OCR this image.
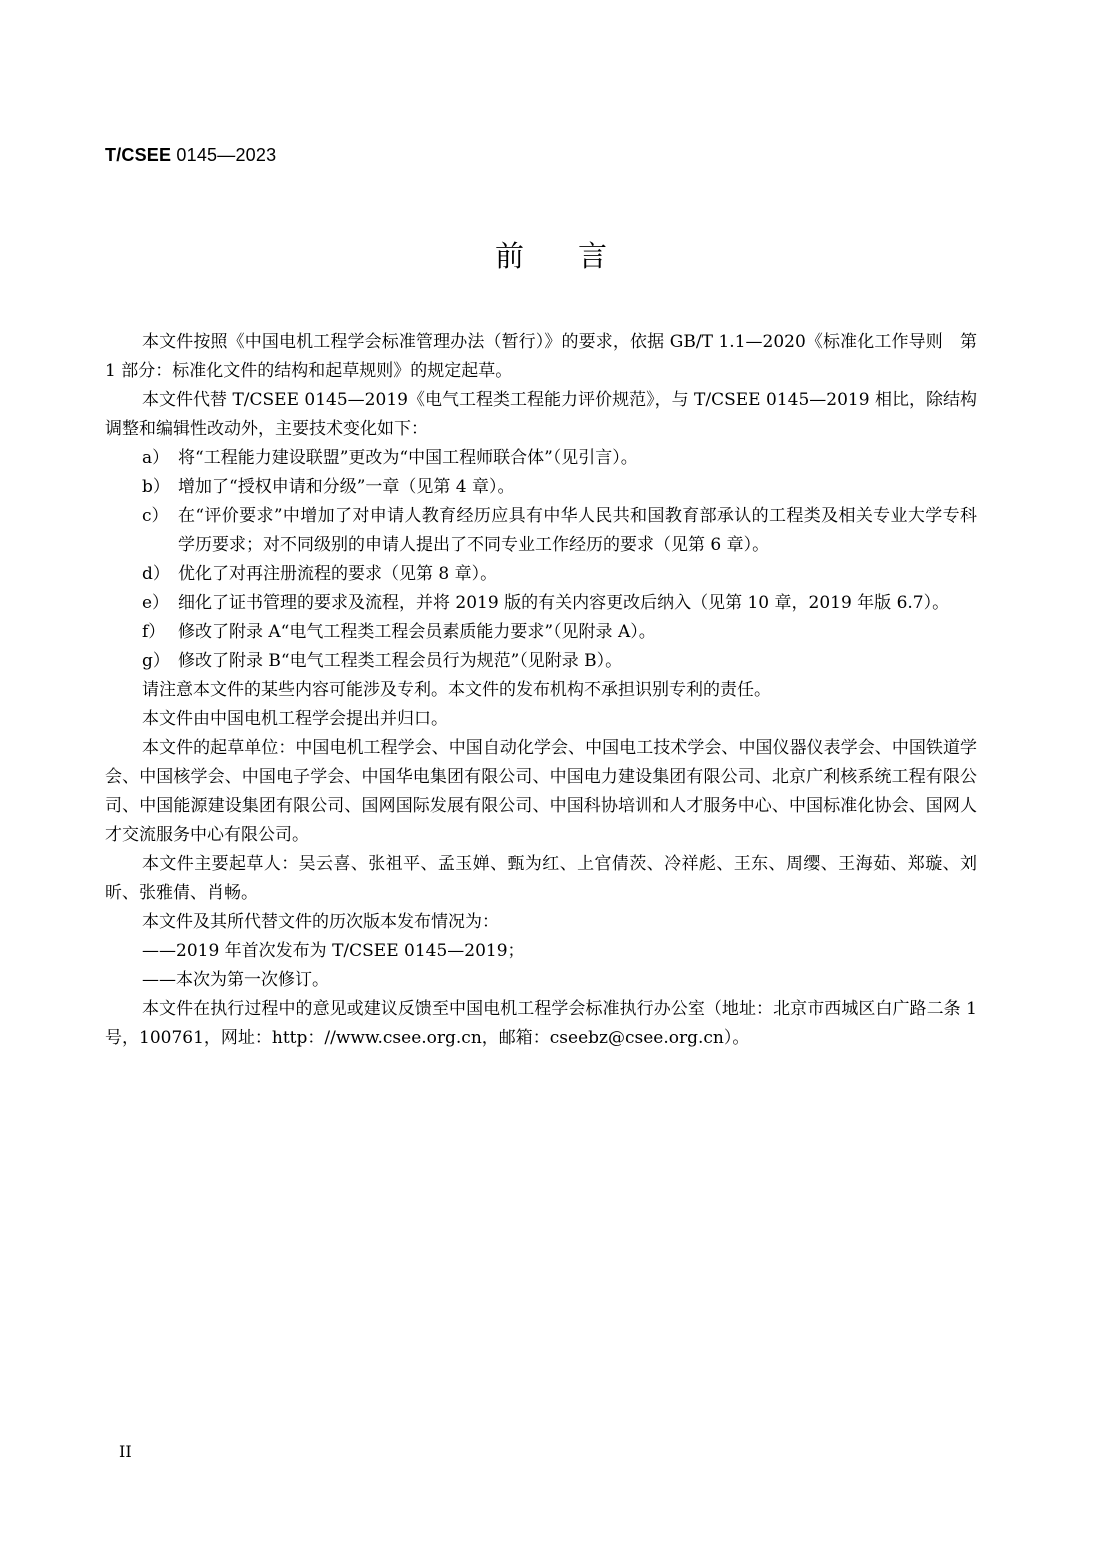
T/CSEE 0145—2023
前言

本文件按照《中国电机工程学会标准管理办法（暂行）》的要求，依据 GB/T 1.1—2020《标准化工作导则　第 1 部分：标准化文件的结构和起草规则》的规定起草。

本文件代替 T/CSEE 0145—2019《电气工程类工程能力评价规范》，与 T/CSEE 0145—2019 相比，除结构调整和编辑性改动外，主要技术变化如下：

a） 将“工程能力建设联盟”更改为“中国工程师联合体”（见引言）。
b） 增加了“授权申请和分级”一章（见第 4 章）。
c） 在“评价要求”中增加了对申请人教育经历应具有中华人民共和国教育部承认的工程类及相关专业大学专科学历要求；对不同级别的申请人提出了不同专业工作经历的要求（见第 6 章）。
d） 优化了对再注册流程的要求（见第 8 章）。
e） 细化了证书管理的要求及流程，并将 2019 版的有关内容更改后纳入（见第 10 章，2019 年版 6.7）。
f） 修改了附录 A“电气工程类工程会员素质能力要求”（见附录 A）。
g） 修改了附录 B“电气工程类工程会员行为规范”（见附录 B）。

请注意本文件的某些内容可能涉及专利。本文件的发布机构不承担识别专利的责任。

本文件由中国电机工程学会提出并归口。

本文件的起草单位：中国电机工程学会、中国自动化学会、中国电工技术学会、中国仪器仪表学会、中国铁道学会、中国核学会、中国电子学会、中国华电集团有限公司、中国电力建设集团有限公司、北京广利核系统工程有限公司、中国能源建设集团有限公司、国网国际发展有限公司、中国科协培训和人才服务中心、中国标准化协会、国网人才交流服务中心有限公司。

本文件主要起草人：吴云喜、张祖平、孟玉婵、甄为红、上官倩茨、冷祥彪、王东、周缨、王海茹、郑璇、刘昕、张雅倩、肖畅。

本文件及其所代替文件的历次版本发布情况为：

——2019 年首次发布为 T/CSEE 0145—2019；

——本次为第一次修订。

本文件在执行过程中的意见或建议反馈至中国电机工程学会标准执行办公室（地址：北京市西城区白广路二条 1 号，100761，网址：http：//www.csee.org.cn，邮箱：cseebz@csee.org.cn）。

II
